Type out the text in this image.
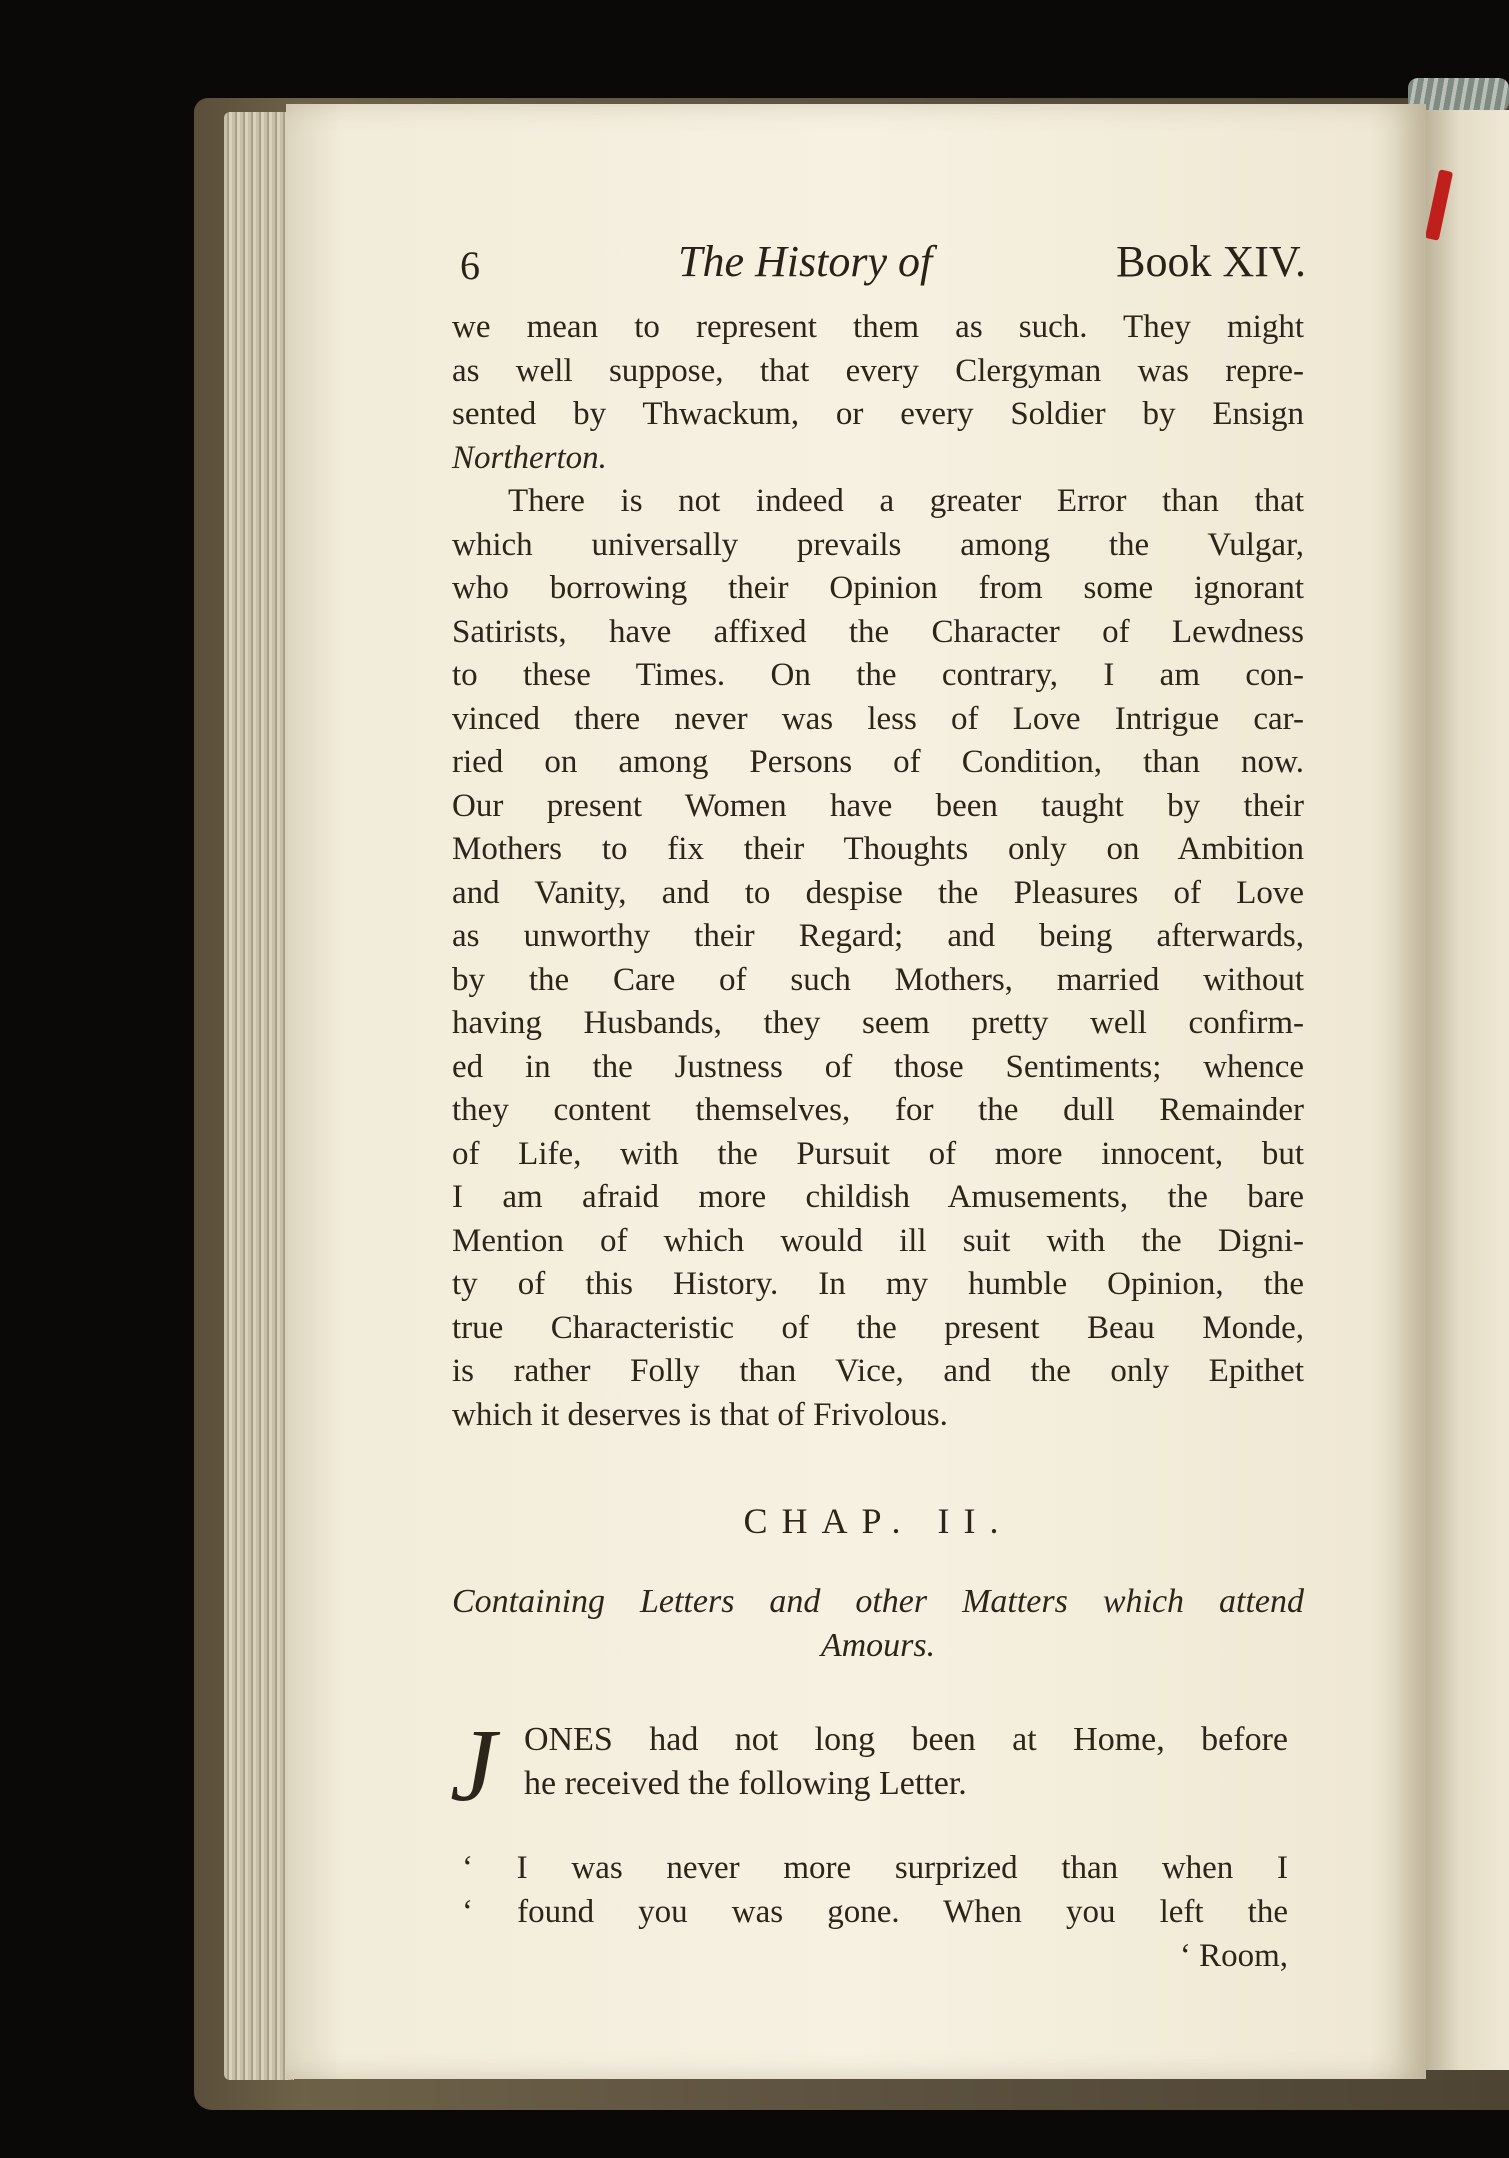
6	The History of	Book XIV.
we mean to represent them as such. They might
as well suppose, that every Clergyman was repre-
sented by Thwackum, or every Soldier by Ensign
Northerton.
There is not indeed a greater Error than that
which universally prevails among the Vulgar,
who borrowing their Opinion from some ignorant
Satirists, have affixed the Character of Lewdness
to these Times. On the contrary, I am con-
vinced there never was less of Love Intrigue car-
ried on among Persons of Condition, than now.
Our present Women have been taught by their
Mothers to fix their Thoughts only on Ambition
and Vanity, and to despise the Pleasures of Love
as unworthy their Regard; and being afterwards,
by the Care of such Mothers, married without
having Husbands, they seem pretty well confirm-
ed in the Justness of those Sentiments; whence
they content themselves, for the dull Remainder
of Life, with the Pursuit of more innocent, but
I am afraid more childish Amusements, the bare
Mention of which would ill suit with the Digni-
ty of this History. In my humble Opinion, the
true Characteristic of the present Beau Monde,
is rather Folly than Vice, and the only Epithet
which it deserves is that of Frivolous.
CHAP. II.
Containing Letters and other Matters which attend
Amours.
J ONES had not long been at Home, before
he received the following Letter.
‘ I was never more surprized than when I
‘ found you was gone. When you left the
‘ Room,
